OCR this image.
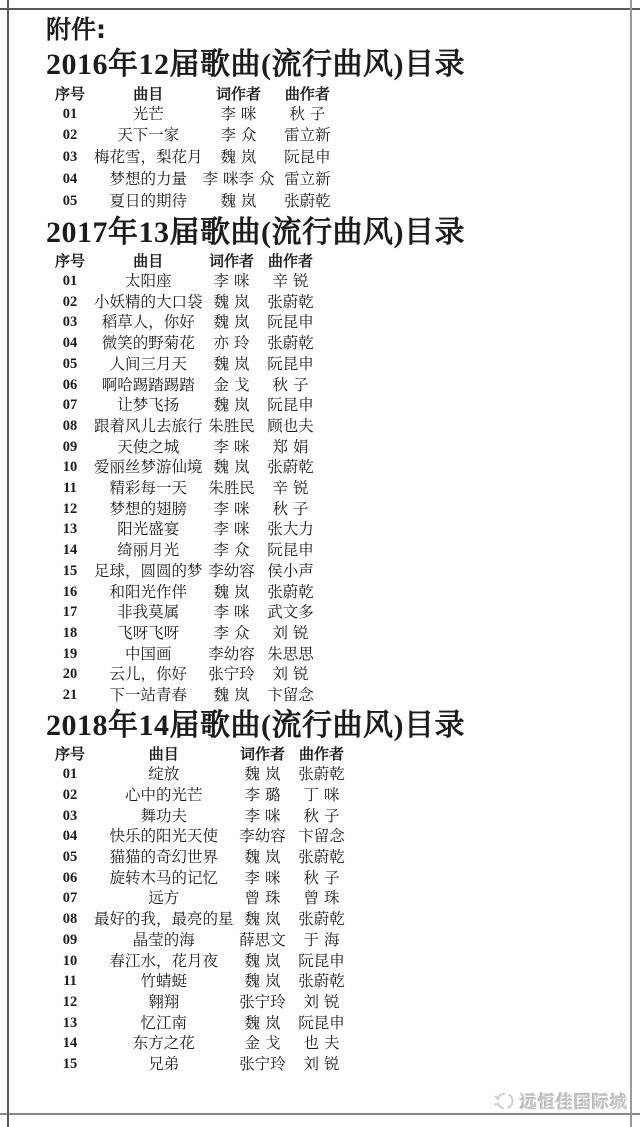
附件:
2016年12届歌曲(流行曲风)目录
序号	曲目	词作者	曲作者
01	光芒	李 咪	秋 子
02	天下一家	李 众	雷立新
03	梅花雪，梨花月	魏 岚	阮昆申
04	梦想的力量	李 咪李 众	雷立新
05	夏日的期待	魏 岚	张蔚乾
2017年13届歌曲(流行曲风)目录
序号	曲目	词作者	曲作者
01	太阳座	李 咪	辛 锐
02	小妖精的大口袋	魏 岚	张蔚乾
03	稻草人，你好	魏 岚	阮昆申
04	微笑的野菊花	亦 玲	张蔚乾
05	人间三月天	魏 岚	阮昆申
06	啊哈踢踏踢踏	金 戈	秋 子
07	让梦飞扬	魏 岚	阮昆申
08	跟着风儿去旅行	朱胜民	顾也夫
09	天使之城	李 咪	郑 娟
10	爱丽丝梦游仙境	魏 岚	张蔚乾
11	精彩每一天	朱胜民	辛 锐
12	梦想的翅膀	李 咪	秋 子
13	阳光盛宴	李 咪	张大力
14	绮丽月光	李 众	阮昆申
15	足球，圆圆的梦	李幼容	侯小声
16	和阳光作伴	魏 岚	张蔚乾
17	非我莫属	李 咪	武文多
18	飞呀飞呀	李 众	刘 锐
19	中国画	李幼容	朱思思
20	云儿，你好	张宁玲	刘 锐
21	下一站青春	魏 岚	卞留念
2018年14届歌曲(流行曲风)目录
序号	曲目	词作者	曲作者
01	绽放	魏 岚	张蔚乾
02	心中的光芒	李 璐	丁 咪
03	舞功夫	李 咪	秋 子
04	快乐的阳光天使	李幼容	卞留念
05	猫猫的奇幻世界	魏 岚	张蔚乾
06	旋转木马的记忆	李 咪	秋 子
07	远方	曾 珠	曾 珠
08	最好的我，最亮的星	魏 岚	张蔚乾
09	晶莹的海	薛思文	于 海
10	春江水，花月夜	魏 岚	阮昆申
11	竹蜻蜓	魏 岚	张蔚乾
12	翱翔	张宁玲	刘 锐
13	忆江南	魏 岚	阮昆申
14	东方之花	金 戈	也 夫
15	兄弟	张宁玲	刘 锐
远恒佳国际城
